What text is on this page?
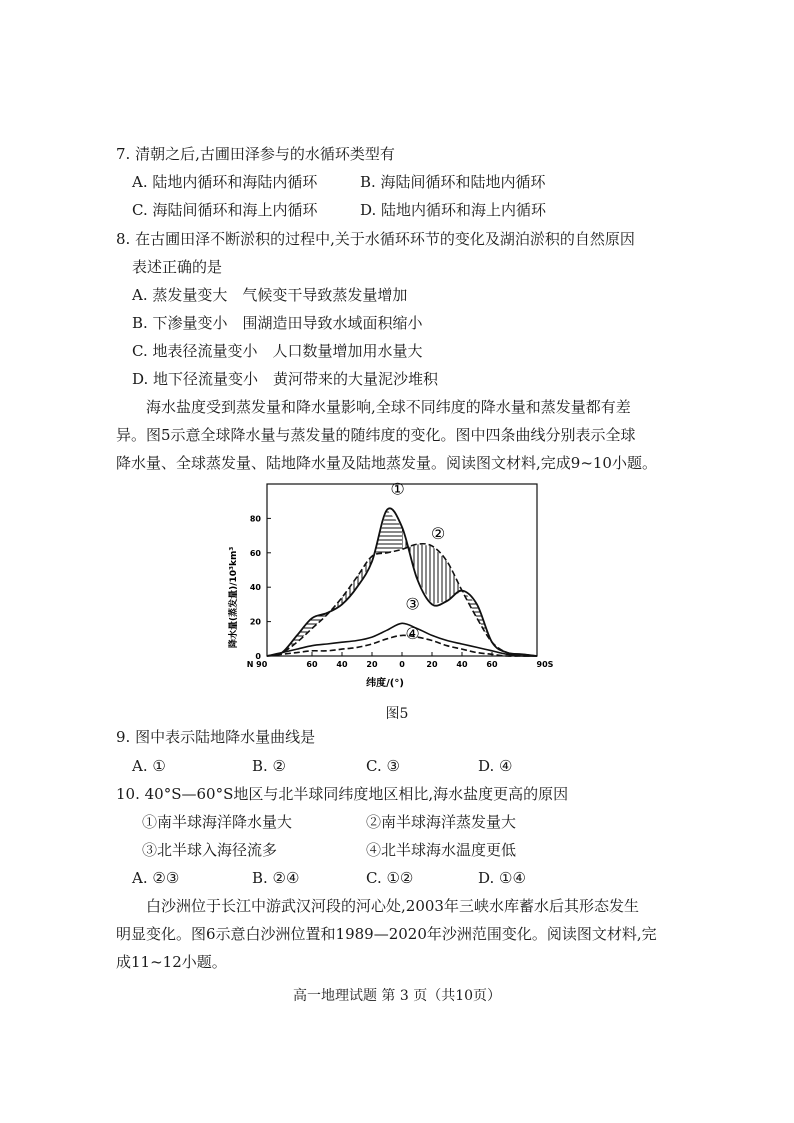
7. 清朝之后,古圃田泽参与的水循环类型有
A. 陆地内循环和海陆内循环	B. 海陆间循环和陆地内循环
C. 海陆间循环和海上内循环	D. 陆地内循环和海上内循环
8. 在古圃田泽不断淤积的过程中,关于水循环环节的变化及湖泊淤积的自然原因
表述正确的是
A. 蒸发量变大　气候变干导致蒸发量增加
B. 下渗量变小　围湖造田导致水域面积缩小
C. 地表径流量变小　人口数量增加用水量大
D. 地下径流量变小　黄河带来的大量泥沙堆积
海水盐度受到蒸发量和降水量影响,全球不同纬度的降水量和蒸发量都有差
异。图5示意全球降水量与蒸发量的随纬度的变化。图中四条曲线分别表示全球
降水量、全球蒸发量、陆地降水量及陆地蒸发量。阅读图文材料,完成9~10小题。
0
20
40
60
80
N 90	60 40 20	0	20 40 60	90S
①
②
③
④
降水量(蒸发量)/10³km³
纬度/(°)
图5
9. 图中表示陆地降水量曲线是
A. ①	B. ②	C. ③	D. ④
10. 40°S—60°S地区与北半球同纬度地区相比,海水盐度更高的原因
①南半球海洋降水量大	②南半球海洋蒸发量大
③北半球入海径流多	④北半球海水温度更低
A. ②③	B. ②④	C. ①②	D. ①④
白沙洲位于长江中游武汉河段的河心处,2003年三峡水库蓄水后其形态发生
明显变化。图6示意白沙洲位置和1989—2020年沙洲范围变化。阅读图文材料,完
成11~12小题。
高一地理试题 第 3 页（共10页）
